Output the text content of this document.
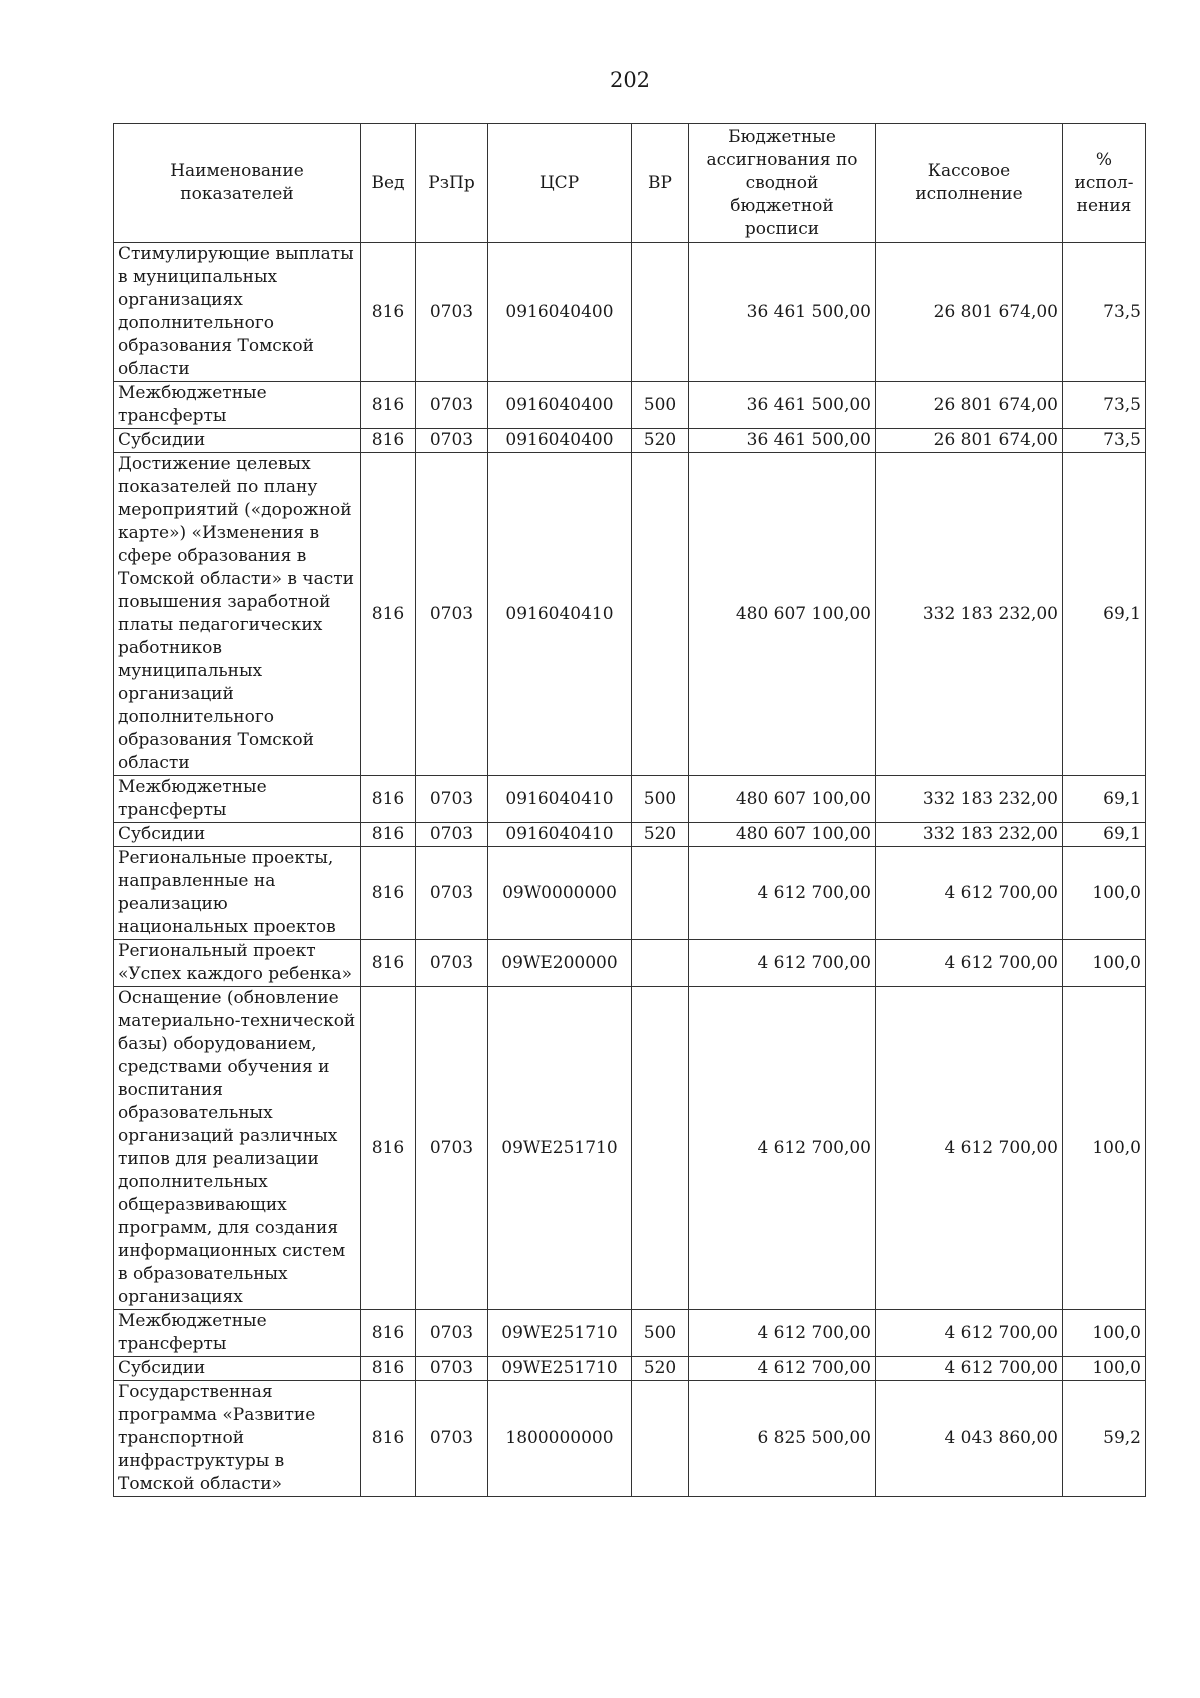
202
Наименование показателей	Вед	РзПр	ЦСР	ВР	Бюджетные ассигнования по сводной бюджетной росписи	Кассовое исполнение	% испол-нения
Стимулирующие выплаты в муниципальных организациях дополнительного образования Томской области	816	0703	0916040400		36 461 500,00	26 801 674,00	73,5
Межбюджетные трансферты	816	0703	0916040400	500	36 461 500,00	26 801 674,00	73,5
Субсидии	816	0703	0916040400	520	36 461 500,00	26 801 674,00	73,5
Достижение целевых показателей по плану мероприятий («дорожной карте») «Изменения в сфере образования в Томской области» в части повышения заработной платы педагогических работников муниципальных организаций дополнительного образования Томской области	816	0703	0916040410		480 607 100,00	332 183 232,00	69,1
Межбюджетные трансферты	816	0703	0916040410	500	480 607 100,00	332 183 232,00	69,1
Субсидии	816	0703	0916040410	520	480 607 100,00	332 183 232,00	69,1
Региональные проекты, направленные на реализацию национальных проектов	816	0703	09W0000000		4 612 700,00	4 612 700,00	100,0
Региональный проект «Успех каждого ребенка»	816	0703	09WE200000		4 612 700,00	4 612 700,00	100,0
Оснащение (обновление материально-технической базы) оборудованием, средствами обучения и воспитания образовательных организаций различных типов для реализации дополнительных общеразвивающих программ, для создания информационных систем в образовательных организациях	816	0703	09WE251710		4 612 700,00	4 612 700,00	100,0
Межбюджетные трансферты	816	0703	09WE251710	500	4 612 700,00	4 612 700,00	100,0
Субсидии	816	0703	09WE251710	520	4 612 700,00	4 612 700,00	100,0
Государственная программа «Развитие транспортной инфраструктуры в Томской области»	816	0703	1800000000		6 825 500,00	4 043 860,00	59,2
